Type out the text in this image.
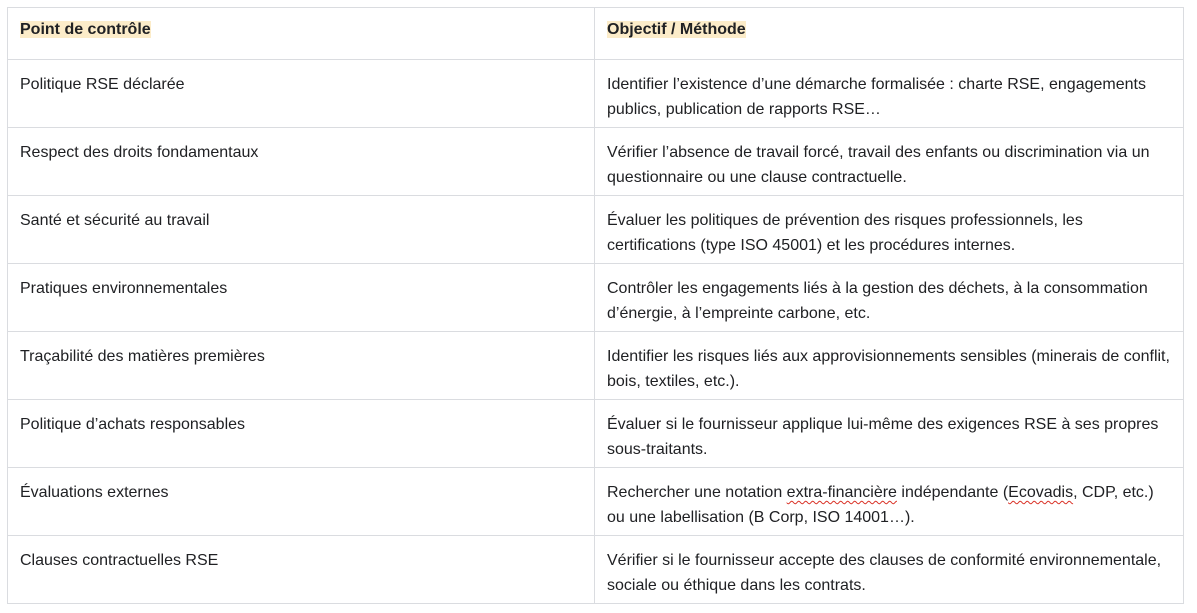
Point de contrôle	Objectif / Méthode
Politique RSE déclarée	Identifier l’existence d’une démarche formalisée : charte RSE, engagements publics, publication de rapports RSE…
Respect des droits fondamentaux	Vérifier l’absence de travail forcé, travail des enfants ou discrimination via un questionnaire ou une clause contractuelle.
Santé et sécurité au travail	Évaluer les politiques de prévention des risques professionnels, les certifications (type ISO 45001) et les procédures internes.
Pratiques environnementales	Contrôler les engagements liés à la gestion des déchets, à la consommation d’énergie, à l’empreinte carbone, etc.
Traçabilité des matières premières	Identifier les risques liés aux approvisionnements sensibles (minerais de conflit, bois, textiles, etc.).
Politique d’achats responsables	Évaluer si le fournisseur applique lui-même des exigences RSE à ses propres sous-traitants.
Évaluations externes	Rechercher une notation extra-financière indépendante (Ecovadis, CDP, etc.) ou une labellisation (B Corp, ISO 14001…).
Clauses contractuelles RSE	Vérifier si le fournisseur accepte des clauses de conformité environnementale, sociale ou éthique dans les contrats.
